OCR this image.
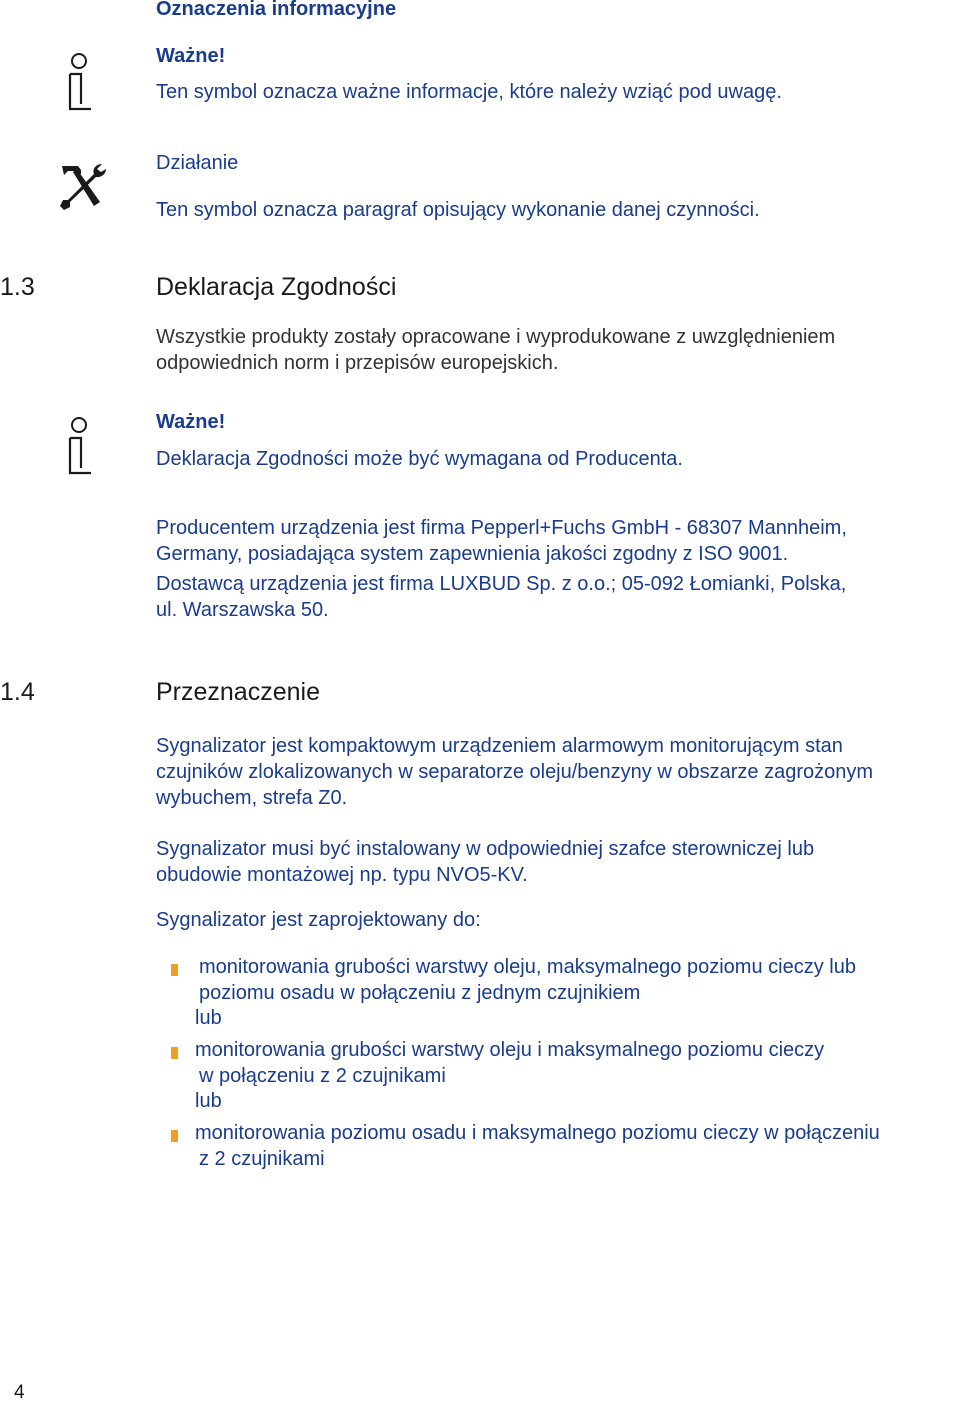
Oznaczenia informacyjne
Ważne!
Ten symbol oznacza ważne informacje, które należy wziąć pod uwagę.
Działanie
Ten symbol oznacza paragraf opisujący wykonanie danej czynności.
1.3	Deklaracja Zgodności
Wszystkie produkty zostały opracowane i wyprodukowane z uwzględnieniem
odpowiednich norm i przepisów europejskich.
Ważne!
Deklaracja Zgodności może być wymagana od Producenta.
Producentem urządzenia jest firma Pepperl+Fuchs GmbH - 68307 Mannheim,
Germany, posiadająca system zapewnienia jakości zgodny z ISO 9001.
Dostawcą urządzenia jest firma LUXBUD Sp. z o.o.; 05-092 Łomianki, Polska,
ul. Warszawska 50.
1.4	Przeznaczenie
Sygnalizator jest kompaktowym urządzeniem alarmowym monitorującym stan
czujników zlokalizowanych w separatorze oleju/benzyny w obszarze zagrożonym
wybuchem, strefa Z0.
Sygnalizator musi być instalowany w odpowiedniej szafce sterowniczej lub
obudowie montażowej np. typu NVO5-KV.
Sygnalizator jest zaprojektowany do:
monitorowania grubości warstwy oleju, maksymalnego poziomu cieczy lub
poziomu osadu w połączeniu z jednym czujnikiem
lub
monitorowania grubości warstwy oleju i maksymalnego poziomu cieczy
w połączeniu z 2 czujnikami
lub
monitorowania poziomu osadu i maksymalnego poziomu cieczy w połączeniu
z 2 czujnikami
4
